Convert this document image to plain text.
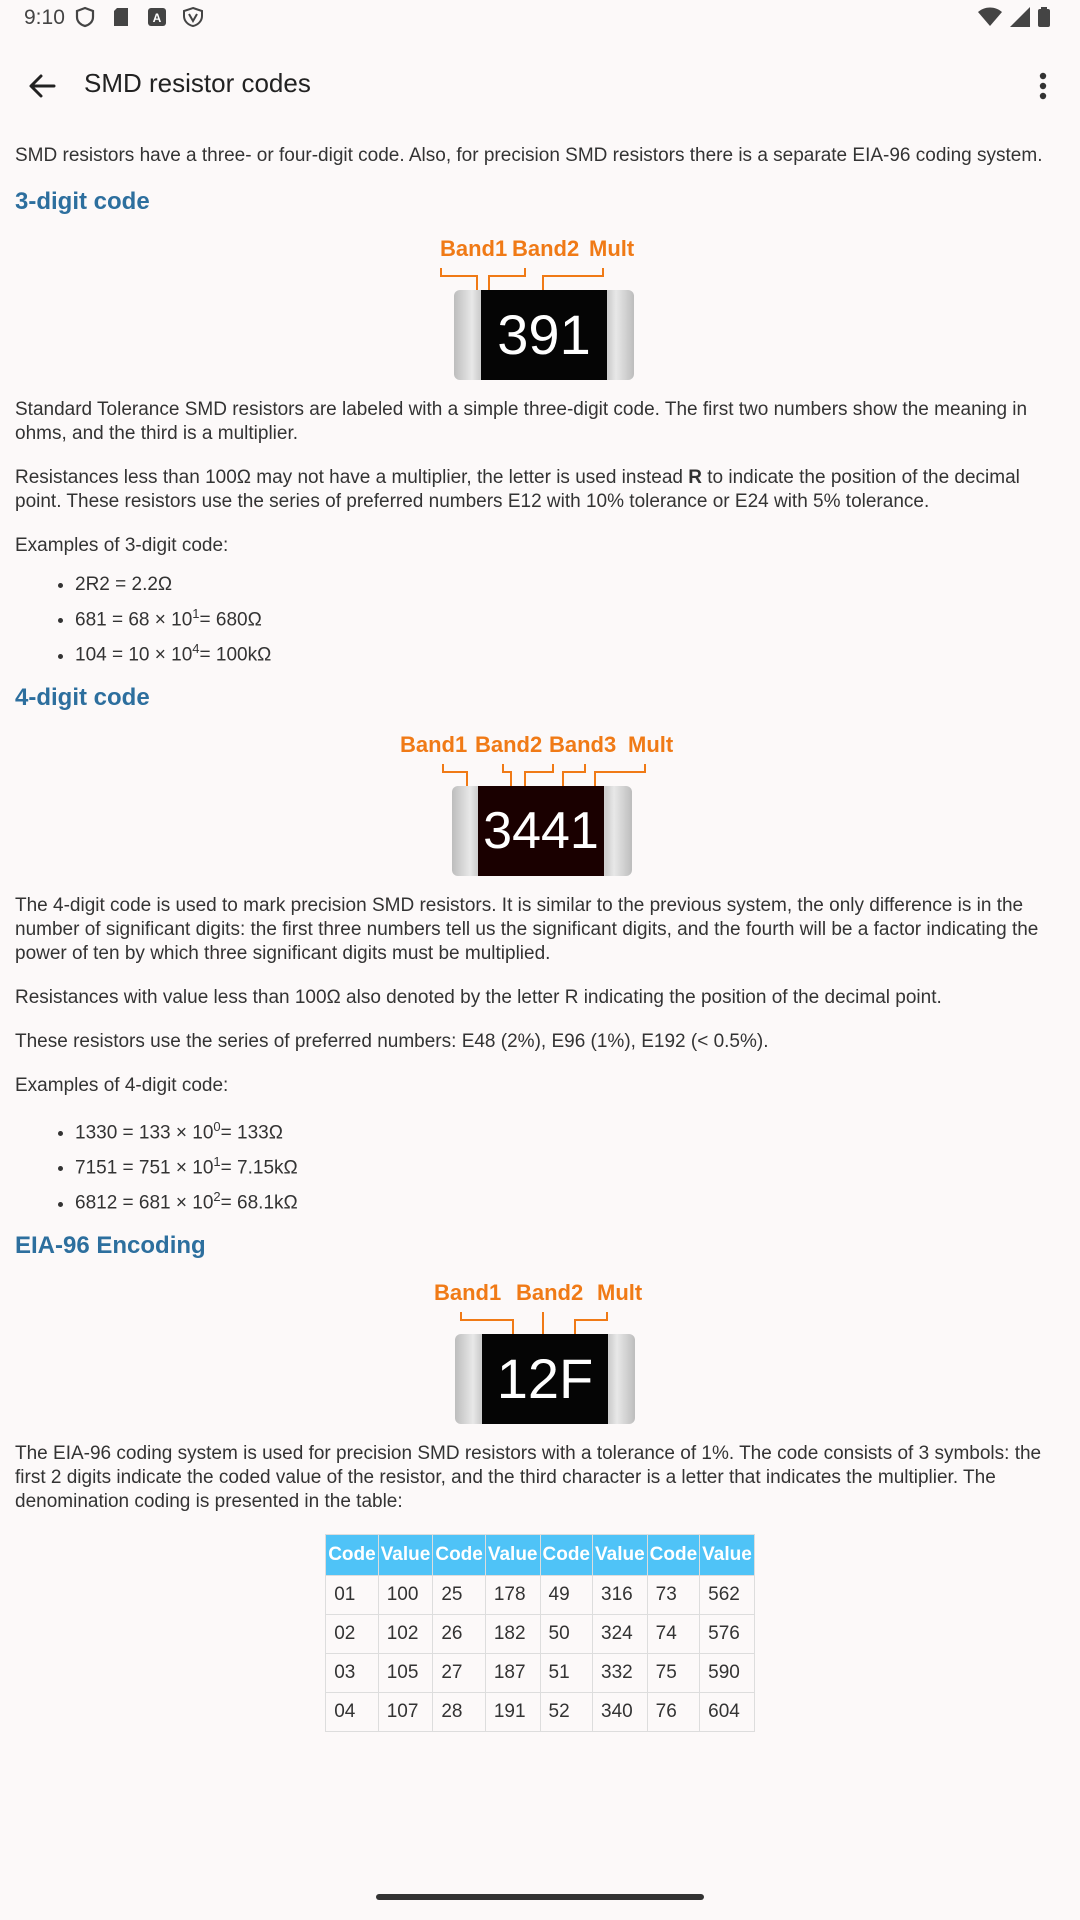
9:10	A
SMD resistor codes

SMD resistors have a three- or four-digit code. Also, for precision SMD resistors there is a separate EIA-96 coding system.

3-digit code
Band1 Band2 Mult
391

Standard Tolerance SMD resistors are labeled with a simple three-digit code. The first two numbers show the meaning in ohms, and the third is a multiplier.

Resistances less than 100Ω may not have a multiplier, the letter is used instead R to indicate the position of the decimal point. These resistors use the series of preferred numbers E12 with 10% tolerance or E24 with 5% tolerance.

Examples of 3-digit code:

• 2R2 = 2.2Ω
• $681 = 68 \times 10^1= 680\Omega$
• $104 = 10 \times 10^4= 100k\Omega$
4-digit code
Band1 Band2 Band3 Mult
3441

The 4-digit code is used to mark precision SMD resistors. It is similar to the previous system, the only difference is in the number of significant digits: the first three numbers tell us the significant digits, and the fourth will be a factor indicating the power of ten by which three significant digits must be multiplied.

Resistances with value less than 100Ω also denoted by the letter R indicating the position of the decimal point.

These resistors use the series of preferred numbers: E48 (2%), E96 (1%), E192 (< 0.5%).

Examples of 4-digit code:

• $1330 = 133 \times 10^0= 133\Omega$
• $7151 = 751 \times 10^1= 7.15k\Omega$
• $6812 = 681 \times 10^2= 68.1k\Omega$
EIA-96 Encoding
Band1 Band2 Mult
12F

The EIA-96 coding system is used for precision SMD resistors with a tolerance of 1%. The code consists of 3 symbols: the first 2 digits indicate the coded value of the resistor, and the third character is a letter that indicates the multiplier. The denomination coding is presented in the table:

Code	Value	Code	Value	Code	Value	Code	Value
01	100	25	178	49	316	73	562
02	102	26	182	50	324	74	576
03	105	27	187	51	332	75	590
04	107	28	191	52	340	76	604
